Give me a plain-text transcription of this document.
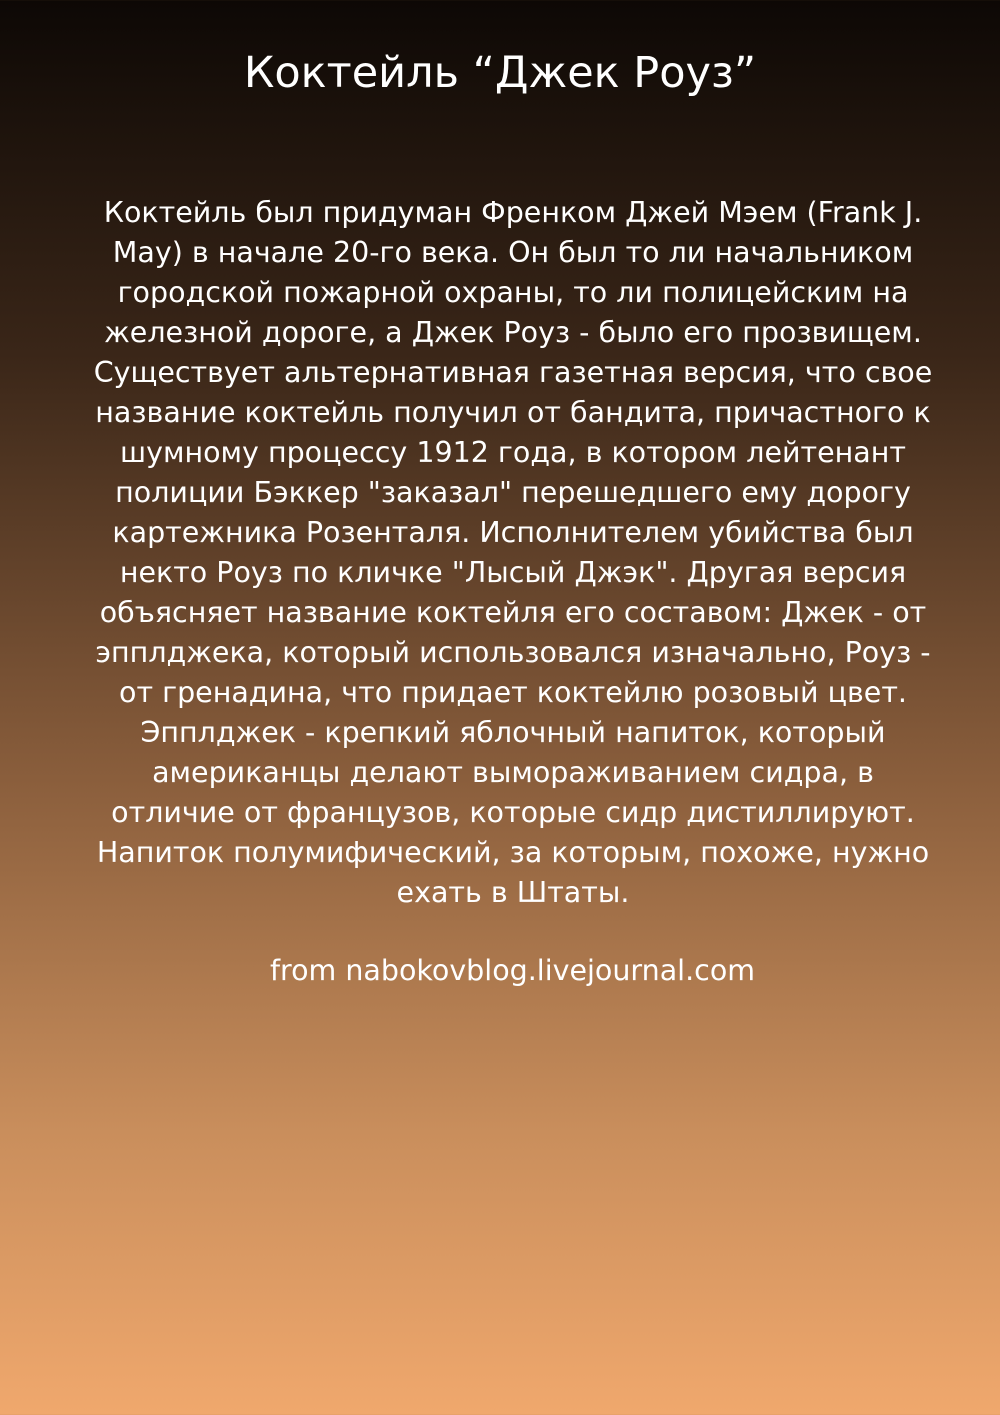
Коктейль “Джек Роуз”
Коктейль был придуман Френком Джей Мэем (Frank J.
May) в начале 20-го века. Он был то ли начальником
городской пожарной охраны, то ли полицейским на
железной дороге, а Джек Роуз - было его прозвищем.
Существует альтернативная газетная версия, что свое
название коктейль получил от бандита, причастного к
шумному процессу 1912 года, в котором лейтенант
полиции Бэккер "заказал" перешедшего ему дорогу
картежника Розенталя. Исполнителем убийства был
некто Роуз по кличке "Лысый Джэк". Другая версия
объясняет название коктейля его составом: Джек - от
эпплджека, который использовался изначально, Роуз -
от гренадина, что придает коктейлю розовый цвет.
Эпплджек - крепкий яблочный напиток, который
американцы делают вымораживанием сидра, в
отличие от французов, которые сидр дистиллируют.
Напиток полумифический, за которым, похоже, нужно
ехать в Штаты.

from nabokovblog.livejournal.com
